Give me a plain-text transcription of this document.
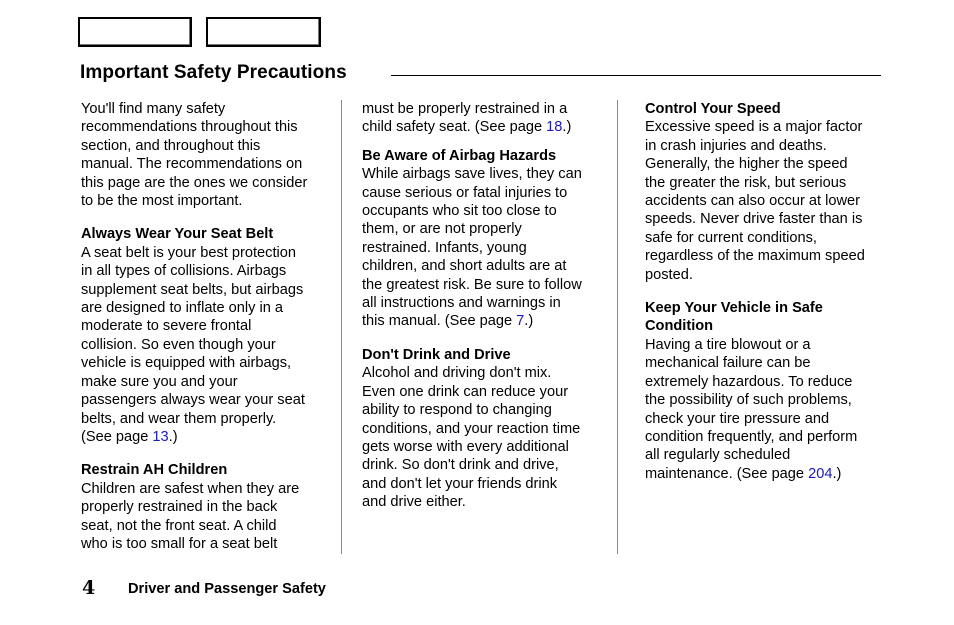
Important Safety Precautions

You'll find many safety
recommendations throughout this
section, and throughout this
manual. The recommendations on
this page are the ones we consider
to be the most important.

Always Wear Your Seat Belt

A seat belt is your best protection
in all types of collisions. Airbags
supplement seat belts, but airbags
are designed to inflate only in a
moderate to severe frontal
collision. So even though your
vehicle is equipped with airbags,
make sure you and your
passengers always wear your seat
belts, and wear them properly.
(See page 13.)

Restrain AH Children

Children are safest when they are
properly restrained in the back
seat, not the front seat. A child
who is too small for a seat belt

must be properly restrained in a
child safety seat. (See page 18.)

Be Aware of Airbag Hazards

While airbags save lives, they can
cause serious or fatal injuries to
occupants who sit too close to
them, or are not properly
restrained. Infants, young
children, and short adults are at
the greatest risk. Be sure to follow
all instructions and warnings in
this manual. (See page 7.)

Don't Drink and Drive

Alcohol and driving don't mix.
Even one drink can reduce your
ability to respond to changing
conditions, and your reaction time
gets worse with every additional
drink. So don't drink and drive,
and don't let your friends drink
and drive either.

Control Your Speed

Excessive speed is a major factor
in crash injuries and deaths.
Generally, the higher the speed
the greater the risk, but serious
accidents can also occur at lower
speeds. Never drive faster than is
safe for current conditions,
regardless of the maximum speed
posted.

Keep Your Vehicle in Safe
Condition

Having a tire blowout or a
mechanical failure can be
extremely hazardous. To reduce
the possibility of such problems,
check your tire pressure and
condition frequently, and perform
all regularly scheduled
maintenance. (See page 204.)

4 Driver and Passenger Safety
